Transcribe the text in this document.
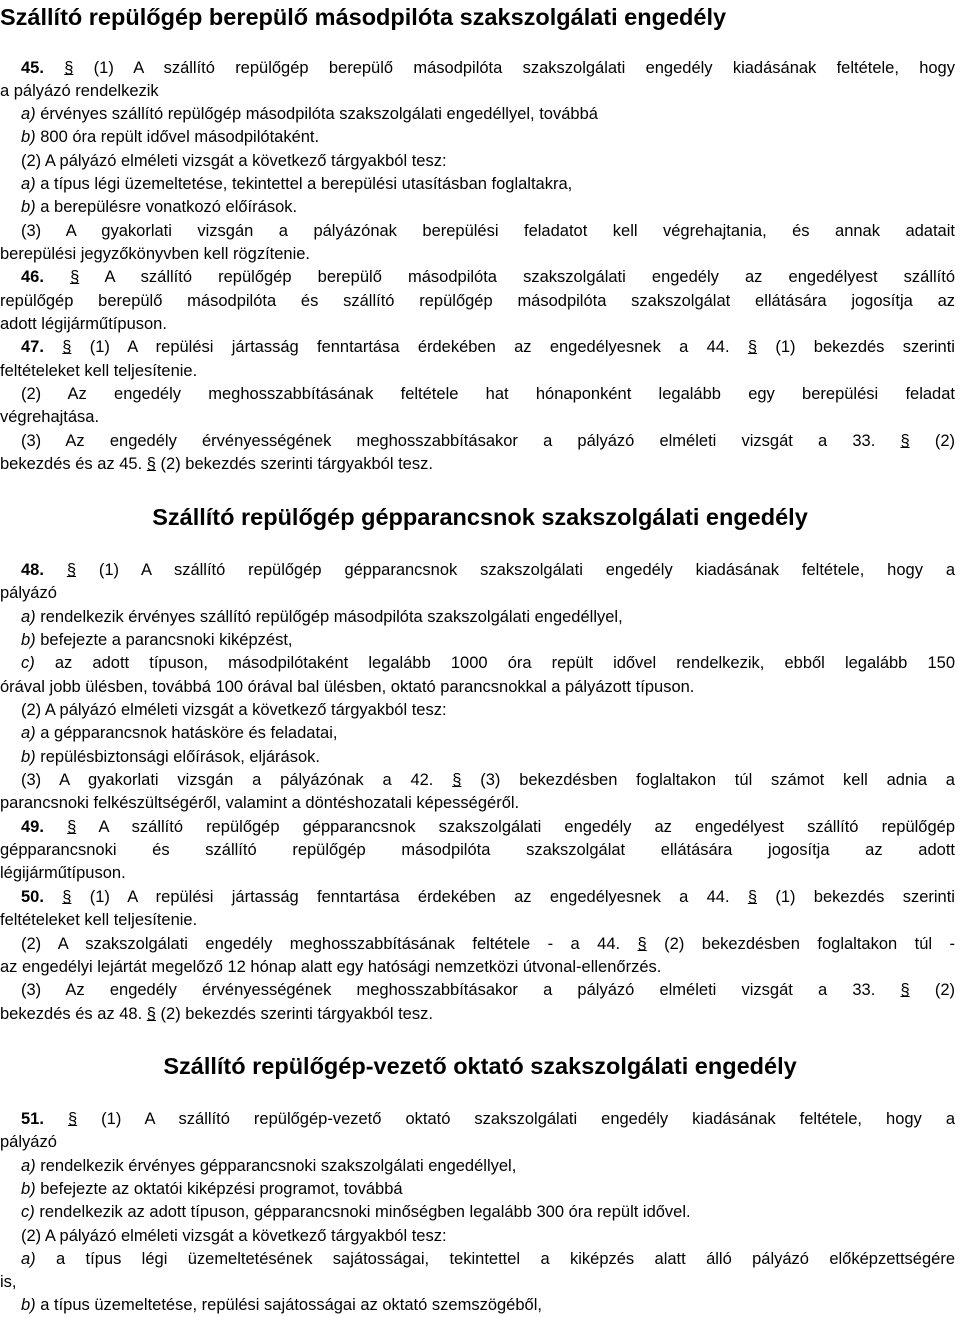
Szállító repülőgép berepülő másodpilóta szakszolgálati engedély
45. § (1) A szállító repülőgép berepülő másodpilóta szakszolgálati engedély kiadásának feltétele, hogy
a pályázó rendelkezik
a) érvényes szállító repülőgép másodpilóta szakszolgálati engedéllyel, továbbá
b) 800 óra repült idővel másodpilótaként.
(2) A pályázó elméleti vizsgát a következő tárgyakból tesz:
a) a típus légi üzemeltetése, tekintettel a berepülési utasításban foglaltakra,
b) a berepülésre vonatkozó előírások.
(3) A gyakorlati vizsgán a pályázónak berepülési feladatot kell végrehajtania, és annak adatait
berepülési jegyzőkönyvben kell rögzítenie.
46. § A szállító repülőgép berepülő másodpilóta szakszolgálati engedély az engedélyest szállító
repülőgép berepülő másodpilóta és szállító repülőgép másodpilóta szakszolgálat ellátására jogosítja az
adott légijárműtípuson.
47. § (1) A repülési jártasság fenntartása érdekében az engedélyesnek a 44. § (1) bekezdés szerinti
feltételeket kell teljesítenie.
(2) Az engedély meghosszabbításának feltétele hat hónaponként legalább egy berepülési feladat
végrehajtása.
(3) Az engedély érvényességének meghosszabbításakor a pályázó elméleti vizsgát a 33. § (2)
bekezdés és az 45. § (2) bekezdés szerinti tárgyakból tesz.
Szállító repülőgép gépparancsnok szakszolgálati engedély
48. § (1) A szállító repülőgép gépparancsnok szakszolgálati engedély kiadásának feltétele, hogy a
pályázó
a) rendelkezik érvényes szállító repülőgép másodpilóta szakszolgálati engedéllyel,
b) befejezte a parancsnoki kiképzést,
c) az adott típuson, másodpilótaként legalább 1000 óra repült idővel rendelkezik, ebből legalább 150
órával jobb ülésben, továbbá 100 órával bal ülésben, oktató parancsnokkal a pályázott típuson.
(2) A pályázó elméleti vizsgát a következő tárgyakból tesz:
a) a gépparancsnok hatásköre és feladatai,
b) repülésbiztonsági előírások, eljárások.
(3) A gyakorlati vizsgán a pályázónak a 42. § (3) bekezdésben foglaltakon túl számot kell adnia a
parancsnoki felkészültségéről, valamint a döntéshozatali képességéről.
49. § A szállító repülőgép gépparancsnok szakszolgálati engedély az engedélyest szállító repülőgép
gépparancsnoki és szállító repülőgép másodpilóta szakszolgálat ellátására jogosítja az adott
légijárműtípuson.
50. § (1) A repülési jártasság fenntartása érdekében az engedélyesnek a 44. § (1) bekezdés szerinti
feltételeket kell teljesítenie.
(2) A szakszolgálati engedély meghosszabbításának feltétele - a 44. § (2) bekezdésben foglaltakon túl -
az engedélyi lejártát megelőző 12 hónap alatt egy hatósági nemzetközi útvonal-ellenőrzés.
(3) Az engedély érvényességének meghosszabbításakor a pályázó elméleti vizsgát a 33. § (2)
bekezdés és az 48. § (2) bekezdés szerinti tárgyakból tesz.
Szállító repülőgép-vezető oktató szakszolgálati engedély
51. § (1) A szállító repülőgép-vezető oktató szakszolgálati engedély kiadásának feltétele, hogy a
pályázó
a) rendelkezik érvényes gépparancsnoki szakszolgálati engedéllyel,
b) befejezte az oktatói kiképzési programot, továbbá
c) rendelkezik az adott típuson, gépparancsnoki minőségben legalább 300 óra repült idővel.
(2) A pályázó elméleti vizsgát a következő tárgyakból tesz:
a) a típus légi üzemeltetésének sajátosságai, tekintettel a kiképzés alatt álló pályázó előképzettségére
is,
b) a típus üzemeltetése, repülési sajátosságai az oktató szemszögéből,
